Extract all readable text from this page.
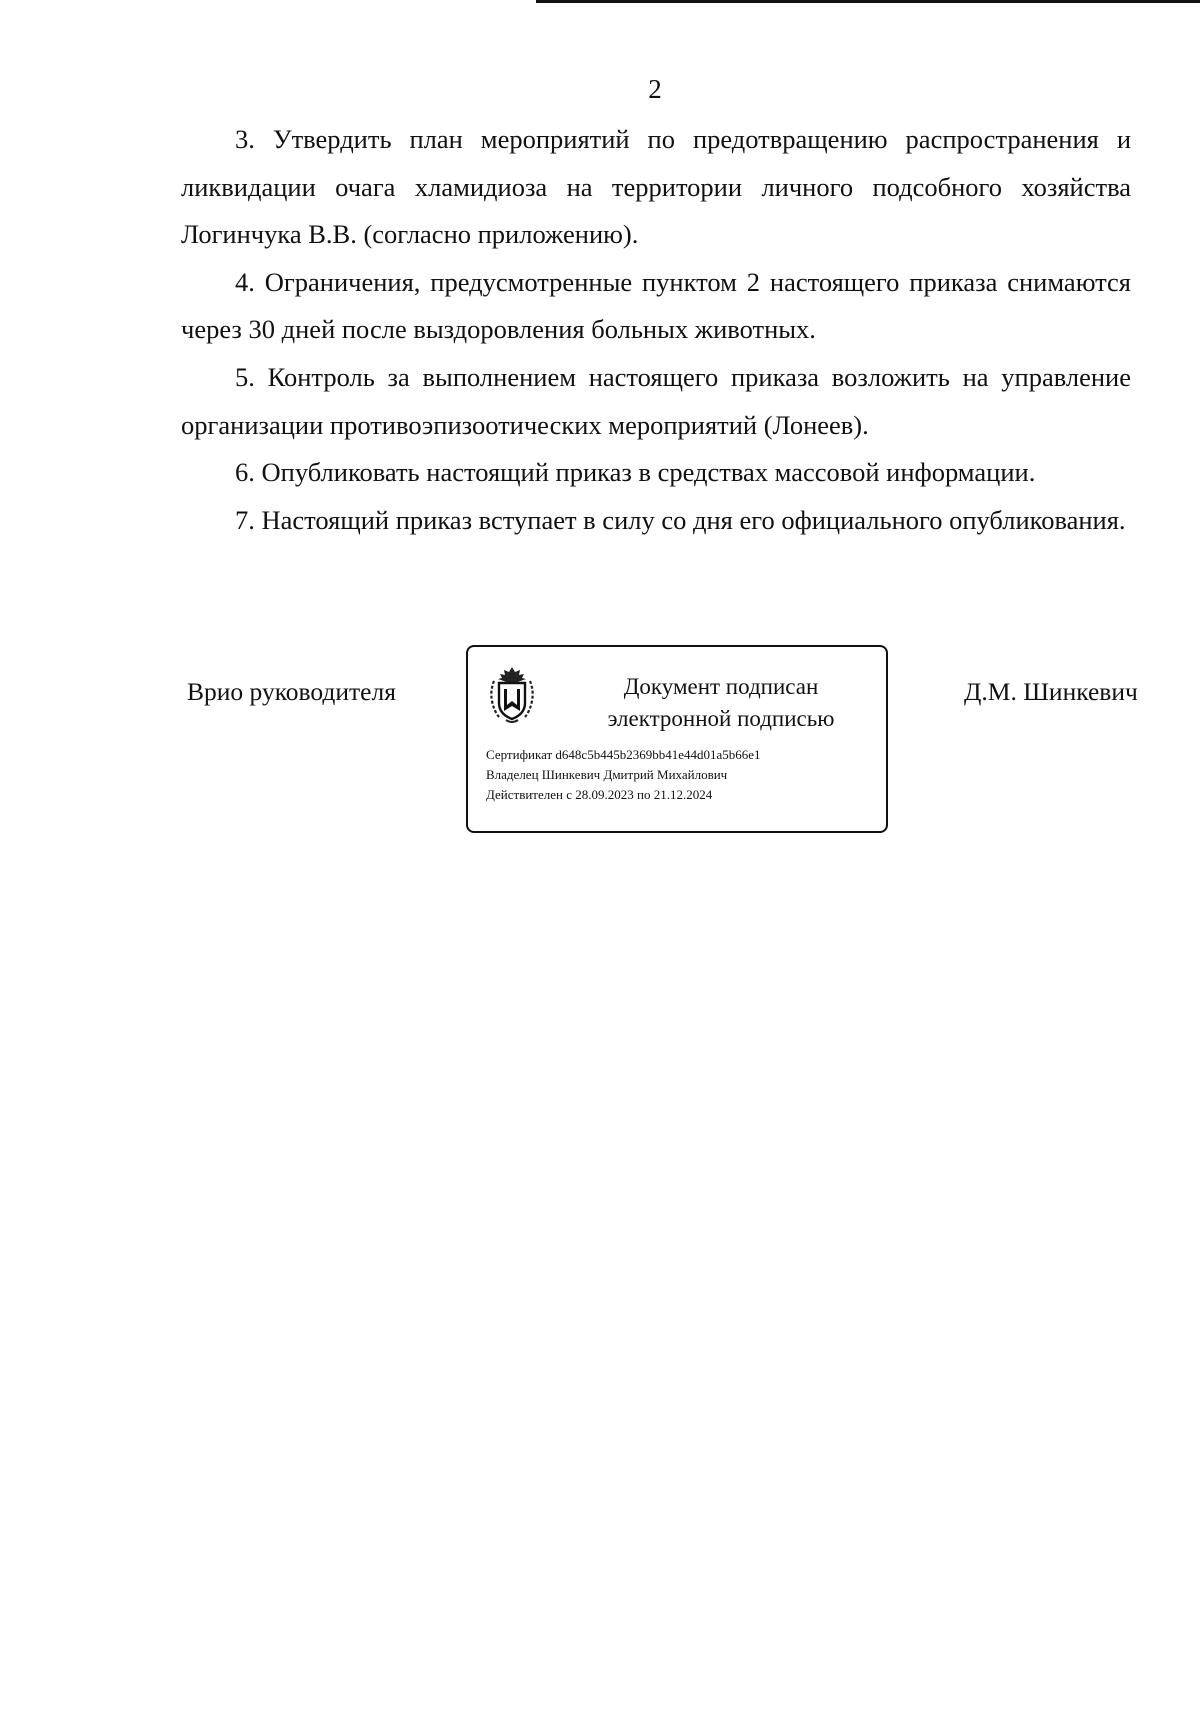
2

3. Утвердить план мероприятий по предотвращению распространения и ликвидации очага хламидиоза на территории личного подсобного хозяйства Логинчука В.В. (согласно приложению).

4. Ограничения, предусмотренные пунктом 2 настоящего приказа снимаются через 30 дней после выздоровления больных животных.

5. Контроль за выполнением настоящего приказа возложить на управление организации противоэпизоотических мероприятий (Лонеев).

6. Опубликовать настоящий приказ в средствах массовой информации.

7. Настоящий приказ вступает в силу со дня его официального опубликования.

Врио руководителя	Документ подписан
электронной подписью
Сертификат d648c5b445b2369bb41e44d01a5b66e1
Владелец Шинкевич Дмитрий Михайлович
Действителен с 28.09.2023 по 21.12.2024
Д.М. Шинкевич
